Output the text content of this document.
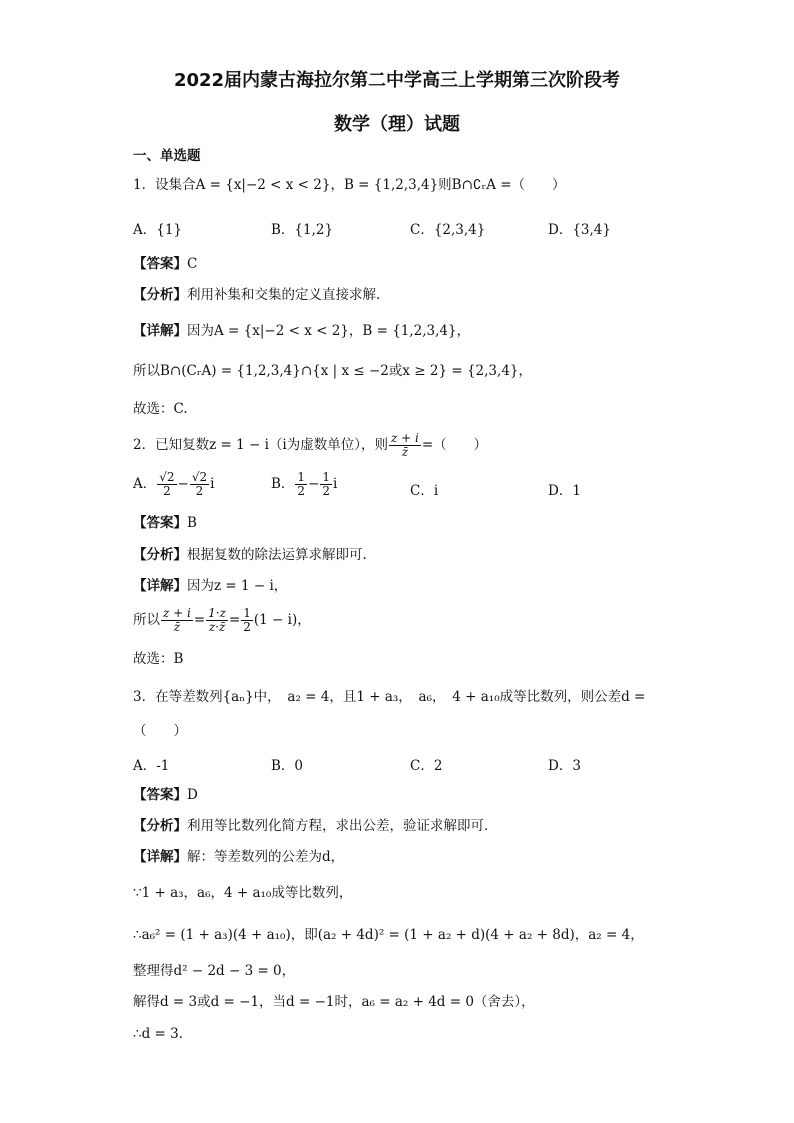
2022届内蒙古海拉尔第二中学高三上学期第三次阶段考
数学（理）试题
一、单选题
1．设集合A = {x|−2 < x < 2}，B = {1,2,3,4}则B∩∁ᵣA =（　　）
A．{1}	B．{1,2}	C．{2,3,4}	D．{3,4}
【答案】C
【分析】利用补集和交集的定义直接求解.
【详解】因为A = {x|−2 < x < 2}，B = {1,2,3,4}，
所以B∩(CᵣA) = {1,2,3,4}∩{x | x ≤ −2或x ≥ 2} = {2,3,4}，
故选：C.
2．已知复数z = 1 − i（i为虚数单位），则 $\frac{z + i}{z̄}$ =（　　）
A． $\frac{√2}{2} - \frac{√2}{2}$ i	B． $\frac{1}{2} - \frac{1}{2}$ i	C．i	D．1
【答案】B
【分析】根据复数的除法运算求解即可.
【详解】因为z = 1 − i，
所以 $\frac{z + i}{z̄} = \frac{1\cdot z}{z\cdot z̄} = \frac{1}{2} (1 - i)$，
故选：B
3．在等差数列{aₙ}中，　a₂ = 4，且1 + a₃，　a₆，　4 + a₁₀成等比数列，则公差d =
（　　）
A．-1	B．0	C．2	D．3
【答案】D
【分析】利用等比数列化简方程，求出公差，验证求解即可．
【详解】解：等差数列的公差为d，
∵1 + a₃，a₆，4 + a₁₀成等比数列，
∴a₆² = (1 + a₃)(4 + a₁₀)，即(a₂ + 4d)² = (1 + a₂ + d)(4 + a₂ + 8d)，a₂ = 4，
整理得d² − 2d − 3 = 0，
解得d = 3或d = −1，当d = −1时，a₆ = a₂ + 4d = 0（舍去），
∴d = 3．
